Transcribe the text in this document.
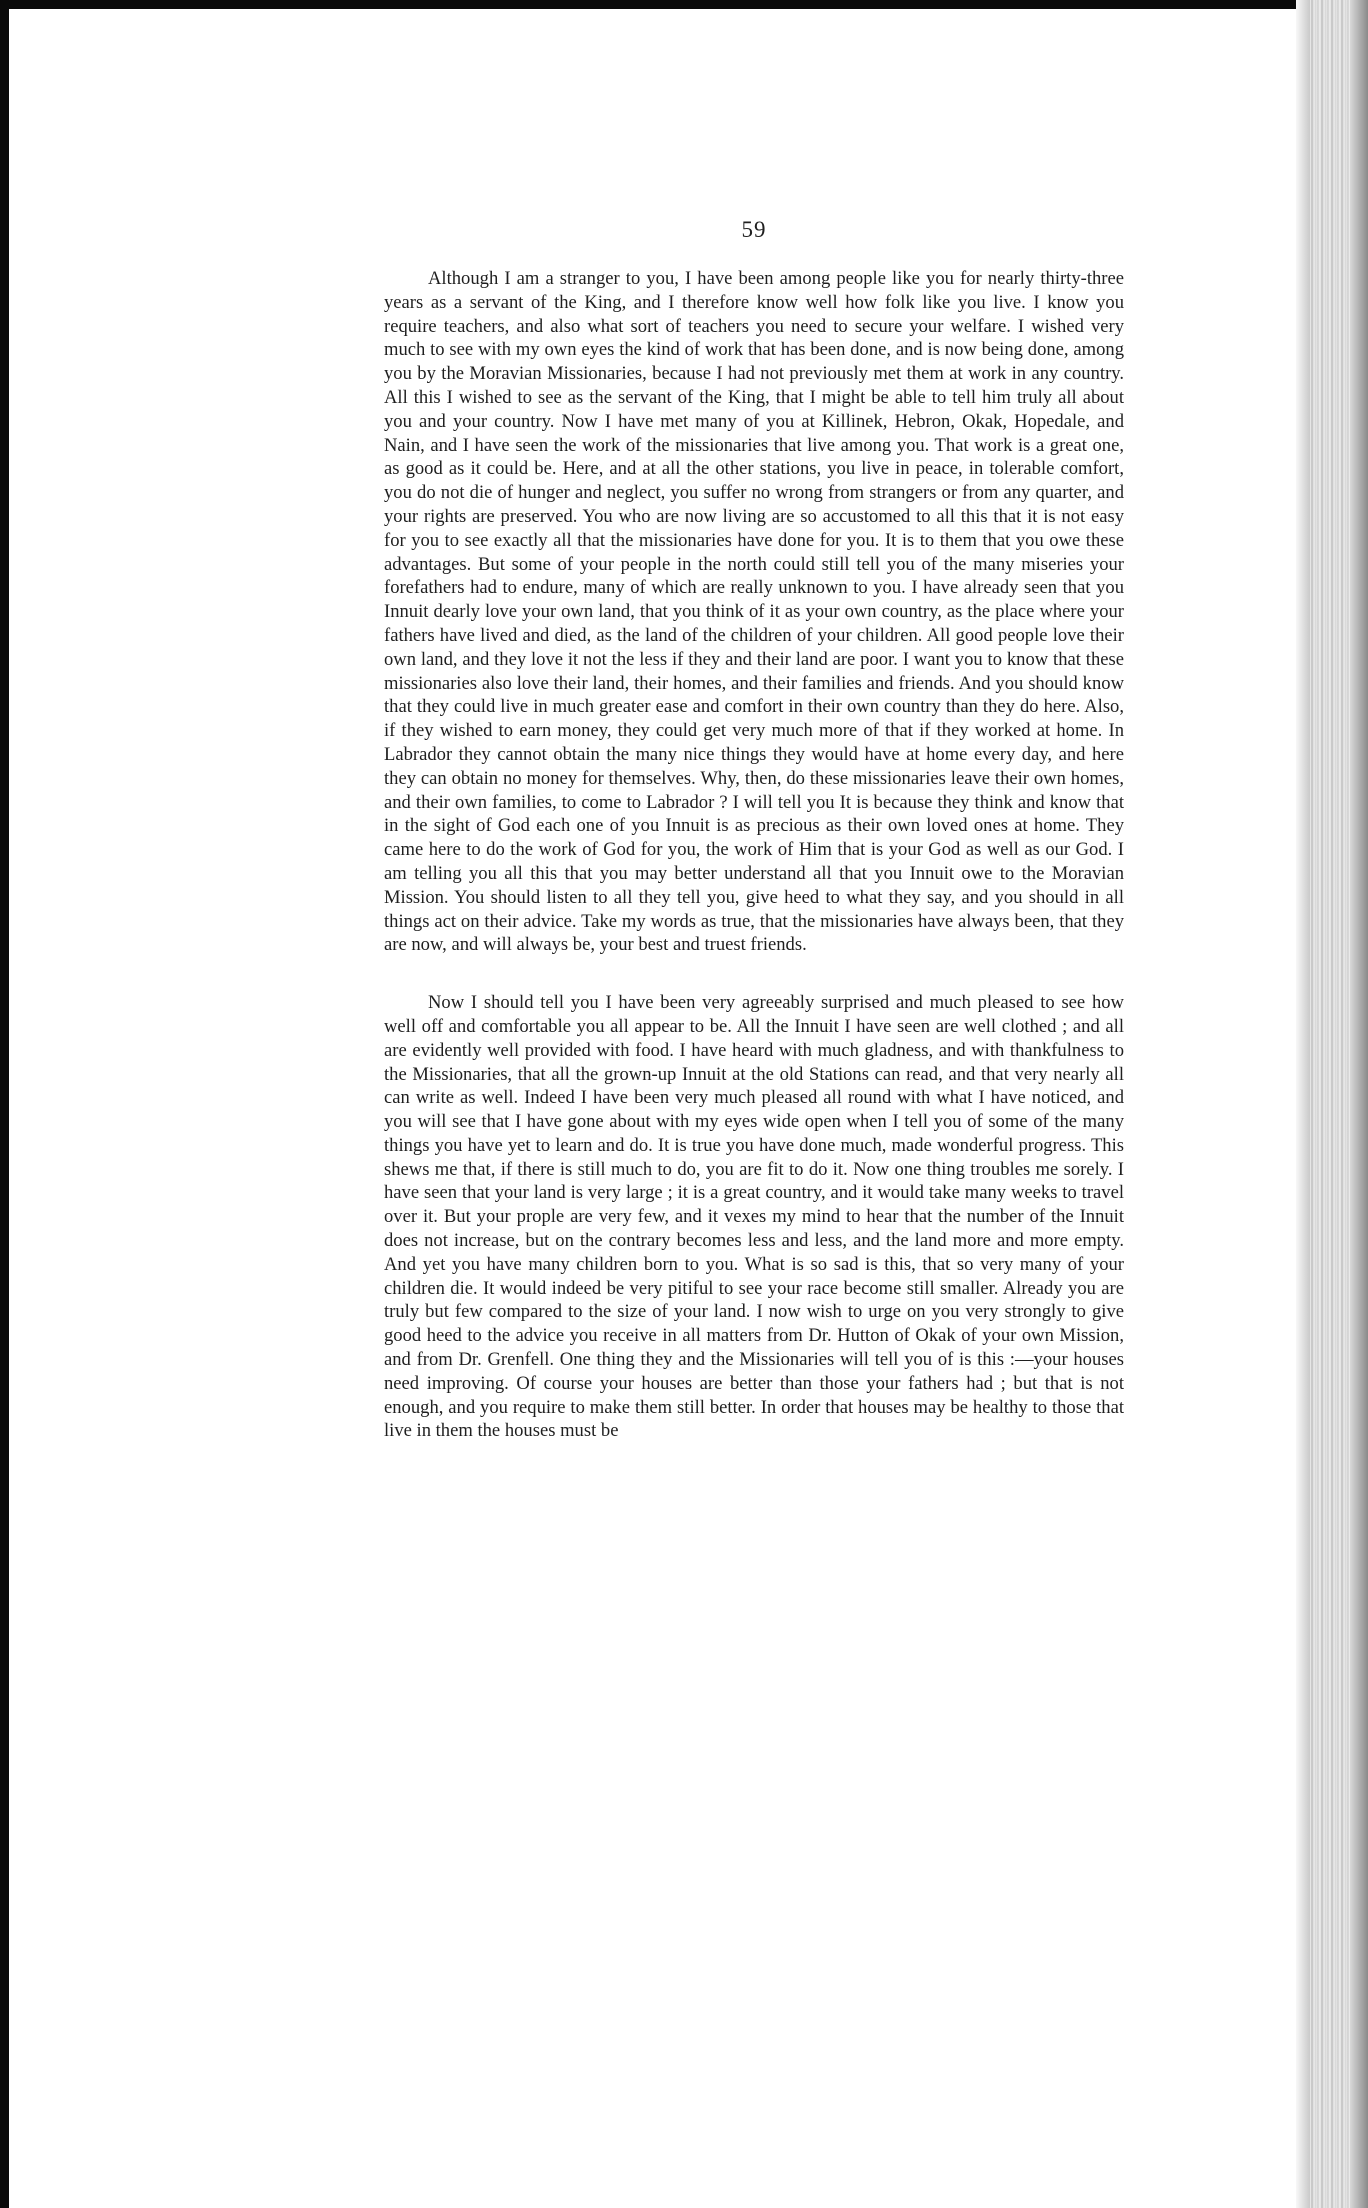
59

Although I am a stranger to you, I have been among people like you for nearly thirty-three years as a servant of the King, and I therefore know well how folk like you live. I know you require teachers, and also what sort of teachers you need to secure your welfare. I wished very much to see with my own eyes the kind of work that has been done, and is now being done, among you by the Moravian Missionaries, because I had not previously met them at work in any country. All this I wished to see as the servant of the King, that I might be able to tell him truly all about you and your country. Now I have met many of you at Killinek, Hebron, Okak, Hopedale, and Nain, and I have seen the work of the missionaries that live among you. That work is a great one, as good as it could be. Here, and at all the other stations, you live in peace, in tolerable comfort, you do not die of hunger and neglect, you suffer no wrong from strangers or from any quarter, and your rights are preserved. You who are now living are so accustomed to all this that it is not easy for you to see exactly all that the missionaries have done for you. It is to them that you owe these advantages. But some of your people in the north could still tell you of the many miseries your forefathers had to endure, many of which are really unknown to you. I have already seen that you Innuit dearly love your own land, that you think of it as your own country, as the place where your fathers have lived and died, as the land of the children of your children. All good people love their own land, and they love it not the less if they and their land are poor. I want you to know that these missionaries also love their land, their homes, and their families and friends. And you should know that they could live in much greater ease and comfort in their own country than they do here. Also, if they wished to earn money, they could get very much more of that if they worked at home. In Labrador they cannot obtain the many nice things they would have at home every day, and here they can obtain no money for themselves. Why, then, do these missionaries leave their own homes, and their own families, to come to Labrador ? I will tell you It is because they think and know that in the sight of God each one of you Innuit is as precious as their own loved ones at home. They came here to do the work of God for you, the work of Him that is your God as well as our God. I am telling you all this that you may better understand all that you Innuit owe to the Moravian Mission. You should listen to all they tell you, give heed to what they say, and you should in all things act on their advice. Take my words as true, that the missionaries have always been, that they are now, and will always be, your best and truest friends.

Now I should tell you I have been very agreeably surprised and much pleased to see how well off and comfortable you all appear to be. All the Innuit I have seen are well clothed ; and all are evidently well provided with food. I have heard with much gladness, and with thankfulness to the Missionaries, that all the grown-up Innuit at the old Stations can read, and that very nearly all can write as well. Indeed I have been very much pleased all round with what I have noticed, and you will see that I have gone about with my eyes wide open when I tell you of some of the many things you have yet to learn and do. It is true you have done much, made wonderful progress. This shews me that, if there is still much to do, you are fit to do it. Now one thing troubles me sorely. I have seen that your land is very large ; it is a great country, and it would take many weeks to travel over it. But your prople are very few, and it vexes my mind to hear that the number of the Innuit does not increase, but on the contrary becomes less and less, and the land more and more empty. And yet you have many children born to you. What is so sad is this, that so very many of your children die. It would indeed be very pitiful to see your race become still smaller. Already you are truly but few compared to the size of your land. I now wish to urge on you very strongly to give good heed to the advice you receive in all matters from Dr. Hutton of Okak of your own Mission, and from Dr. Grenfell. One thing they and the Missionaries will tell you of is this :—your houses need improving. Of course your houses are better than those your fathers had ; but that is not enough, and you require to make them still better. In order that houses may be healthy to those that live in them the houses must be
